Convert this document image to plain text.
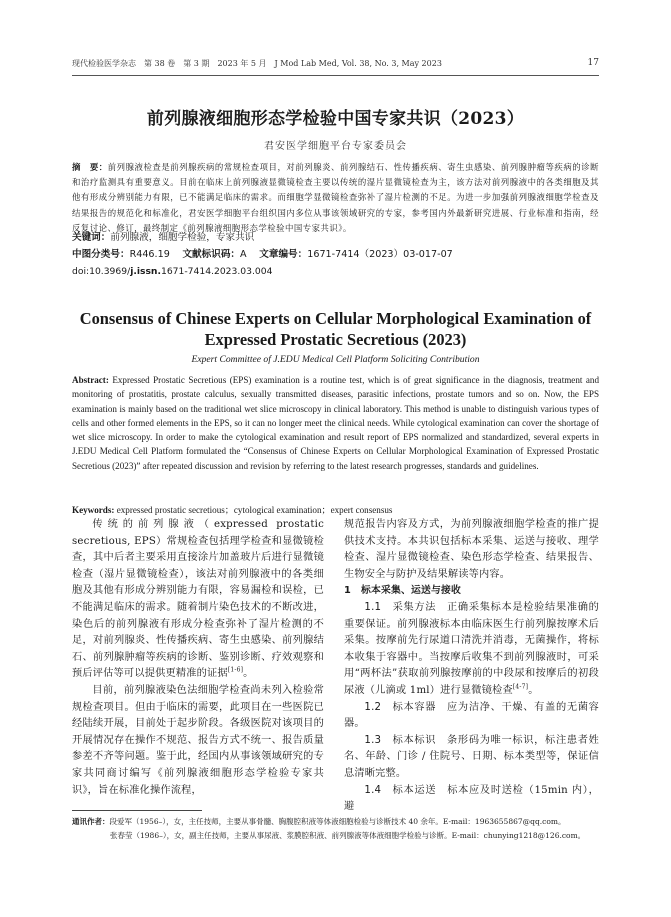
现代检验医学杂志　第 38 卷　第 3 期　2023 年 5 月　J Mod Lab Med, Vol. 38, No. 3, May 2023	17
前列腺液细胞形态学检验中国专家共识（2023）
君安医学细胞平台专家委员会
摘　要：前列腺液检查是前列腺疾病的常规检查项目，对前列腺炎、前列腺结石、性传播疾病、寄生虫感染、前列腺肿瘤等疾病的诊断和治疗监测具有重要意义。目前在临床上前列腺液显微镜检查主要以传统的湿片显微镜检查为主，该方法对前列腺液中的各类细胞及其他有形成分辨别能力有限，已不能满足临床的需求。而细胞学显微镜检查弥补了湿片检测的不足。为进一步加强前列腺液细胞学检查及结果报告的规范化和标准化，君安医学细胞平台组织国内多位从事该领域研究的专家，参考国内外最新研究进展、行业标准和指南，经反复讨论、修订，最终制定《前列腺液细胞形态学检验中国专家共识》。
关键词：前列腺液，细胞学检验，专家共识
中图分类号：R446.19　 文献标识码：A　 文章编号：1671-7414（2023）03-017-07
doi:10.3969/j.issn.1671-7414.2023.03.004
Consensus of Chinese Experts on Cellular Morphological Examination of
Expressed Prostatic Secretious (2023)
Expert Committee of J.EDU Medical Cell Platform Soliciting Contribution
Abstract: Expressed Prostatic Secretious (EPS) examination is a routine test, which is of great significance in the diagnosis, treatment and monitoring of prostatitis, prostate calculus, sexually transmitted diseases, parasitic infections, prostate tumors and so on. Now, the EPS examination is mainly based on the traditional wet slice microscopy in clinical laboratory. This method is unable to distinguish various types of cells and other formed elements in the EPS, so it can no longer meet the clinical needs. While cytological examination can cover the shortage of wet slice microscopy. In order to make the cytological examination and result report of EPS normalized and standardized, several experts in J.EDU Medical Cell Platform formulated the “Consensus of Chinese Experts on Cellular Morphological Examination of Expressed Prostatic Secretious (2023)” after repeated discussion and revision by referring to the latest research progresses, standards and guidelines.
Keywords: expressed prostatic secretious；cytological examination；expert consensus

传统的前列腺液（expressed prostatic secretious, EPS）常规检查包括理学检查和显微镜检查，其中后者主要采用直接涂片加盖玻片后进行显微镜检查（湿片显微镜检查），该法对前列腺液中的各类细胞及其他有形成分辨别能力有限，容易漏检和误检，已不能满足临床的需求。随着制片染色技术的不断改进，染色后的前列腺液有形成分检查弥补了湿片检测的不足，对前列腺炎、性传播疾病、寄生虫感染、前列腺结石、前列腺肿瘤等疾病的诊断、鉴别诊断、疗效观察和预后评估等可以提供更精准的证据[1-6]。

目前，前列腺液染色法细胞学检查尚未列入检验常规检查项目。但由于临床的需要，此项目在一些医院已经陆续开展，目前处于起步阶段。各级医院对该项目的开展情况存在操作不规范、报告方式不统一、报告质量参差不齐等问题。鉴于此，经国内从事该领域研究的专家共同商讨编写《前列腺液细胞形态学检验专家共识》，旨在标准化操作流程，

规范报告内容及方式，为前列腺液细胞学检查的推广提供技术支持。本共识包括标本采集、运送与接收、理学检查、湿片显微镜检查、染色形态学检查、结果报告、生物安全与防护及结果解读等内容。

1　标本采集、运送与接收

1.1　采集方法　正确采集标本是检验结果准确的重要保证。前列腺液标本由临床医生行前列腺按摩术后采集。按摩前先行尿道口清洗并消毒，无菌操作，将标本收集于容器中。当按摩后收集不到前列腺液时，可采用“两杯法”获取前列腺按摩前的中段尿和按摩后的初段尿液（儿滴或 1ml）进行显微镜检查[4-7]。

1.2　标本容器　应为洁净、干燥、有盖的无菌容器。

1.3　标本标识　条形码为唯一标识，标注患者姓名、年龄、门诊 / 住院号、日期、标本类型等，保证信息清晰完整。

1.4　标本运送　标本应及时送检（15min 内），避

通讯作者：段爱军（1956–），女，主任技师，主要从事骨髓、胸腹腔积液等体液细胞检验与诊断技术 40 余年。E-mail：1963655867@qq.com。
张春莹（1986–），女，副主任技师，主要从事尿液、浆膜腔积液、前列腺液等体液细胞学检验与诊断。E-mail：chunying1218@126.com。
